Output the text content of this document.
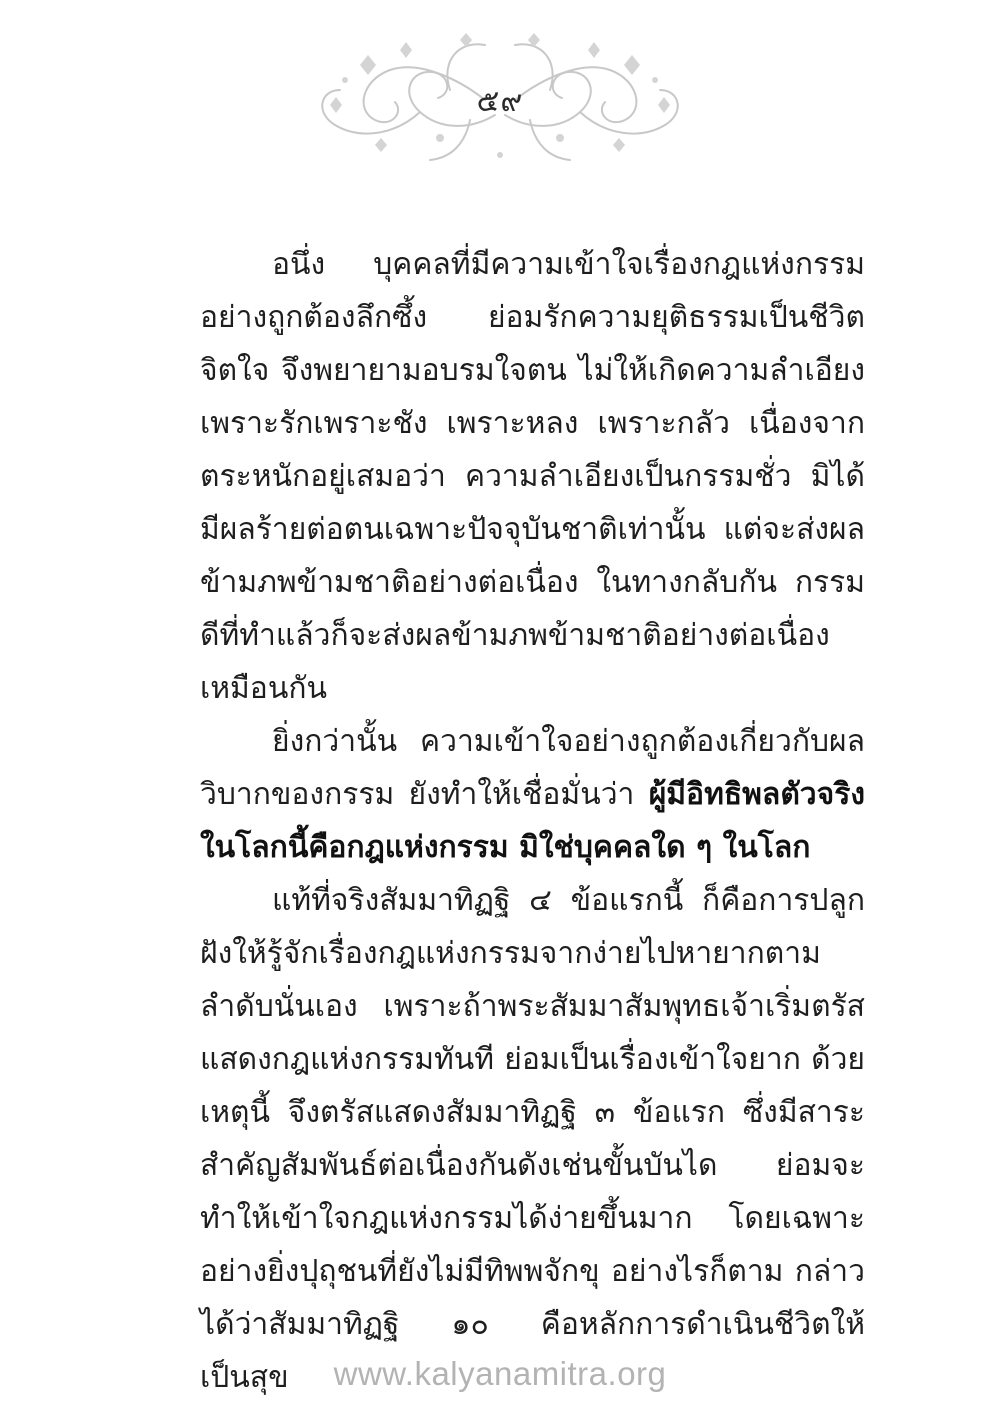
๕๙

อนึ่ง บุคคลที่มีความเข้าใจเรื่องกฎแห่งกรรมอย่างถูกต้องลึกซึ้ง ย่อมรักความยุติธรรมเป็นชีวิตจิตใจ จึงพยายามอบรมใจตน ไม่ให้เกิดความลำเอียงเพราะรักเพราะชัง เพราะหลง เพราะกลัว เนื่องจากตระหนักอยู่เสมอว่า ความลำเอียงเป็นกรรมชั่ว มิได้มีผลร้ายต่อตนเฉพาะปัจจุบันชาติเท่านั้น แต่จะส่งผลข้ามภพข้ามชาติอย่างต่อเนื่อง ในทางกลับกัน กรรมดีที่ทำแล้วก็จะส่งผลข้ามภพข้ามชาติอย่างต่อเนื่องเหมือนกัน

ยิ่งกว่านั้น ความเข้าใจอย่างถูกต้องเกี่ยวกับผลวิบากของกรรม ยังทำให้เชื่อมั่นว่า ผู้มีอิทธิพลตัวจริงในโลกนี้คือกฎแห่งกรรม มิใช่บุคคลใด ๆ ในโลก

แท้ที่จริงสัมมาทิฏฐิ ๔ ข้อแรกนี้ ก็คือการปลูกฝังให้รู้จักเรื่องกฎแห่งกรรมจากง่ายไปหายากตามลำดับนั่นเอง เพราะถ้าพระสัมมาสัมพุทธเจ้าเริ่มตรัสแสดงกฎแห่งกรรมทันที ย่อมเป็นเรื่องเข้าใจยาก ด้วยเหตุนี้ จึงตรัสแสดงสัมมาทิฏฐิ ๓ ข้อแรก ซึ่งมีสาระสำคัญสัมพันธ์ต่อเนื่องกันดังเช่นขั้นบันได ย่อมจะทำให้เข้าใจกฎแห่งกรรมได้ง่ายขึ้นมาก โดยเฉพาะอย่างยิ่งปุถุชนที่ยังไม่มีทิพพจักขุ อย่างไรก็ตาม กล่าวได้ว่าสัมมาทิฏฐิ ๑๐ คือหลักการดำเนินชีวิตให้เป็นสุข	www.kalyanamitra.org
